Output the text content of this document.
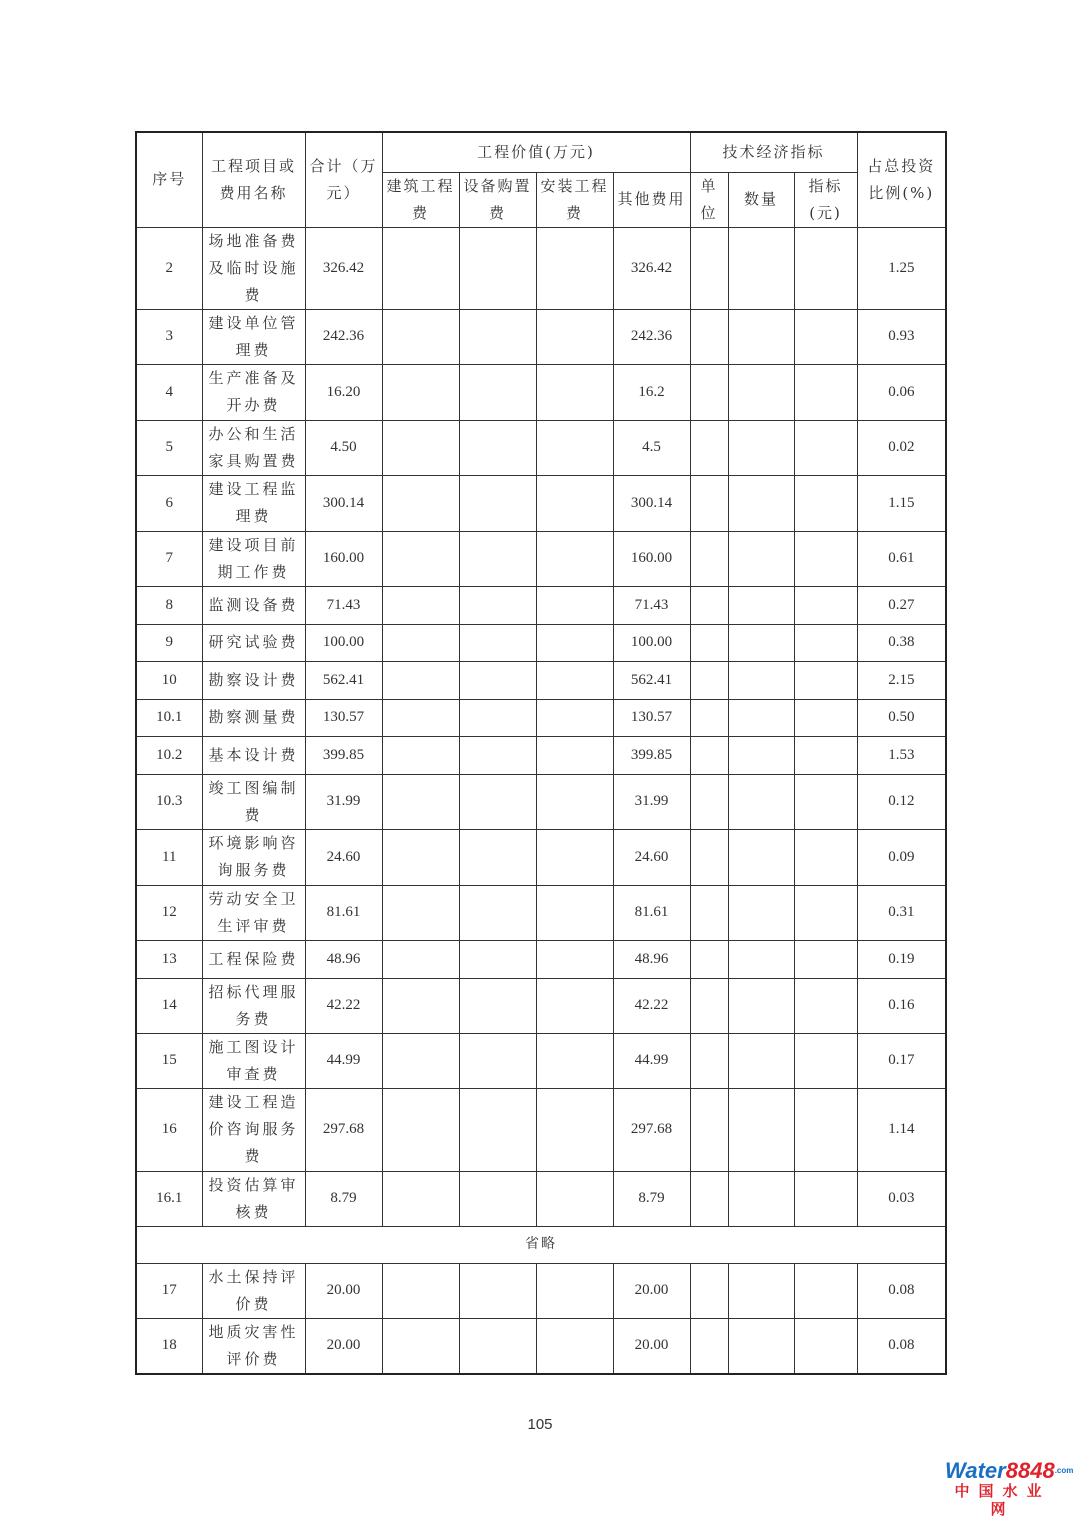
序号	工程项目或费用名称	合计（万元）	工程价值(万元)				技术经济指标			占总投资比例(%)
			建筑工程费	设备购置费	安装工程费	其他费用	单位	数量	指标(元)	
2	场地准备费及临时设施费	326.42				326.42				1.25
3	建设单位管理费	242.36				242.36				0.93
4	生产准备及开办费	16.20				16.2				0.06
5	办公和生活家具购置费	4.50				4.5				0.02
6	建设工程监理费	300.14				300.14				1.15
7	建设项目前期工作费	160.00				160.00				0.61
8	监测设备费	71.43				71.43				0.27
9	研究试验费	100.00				100.00				0.38
10	勘察设计费	562.41				562.41				2.15
10.1	勘察测量费	130.57				130.57				0.50
10.2	基本设计费	399.85				399.85				1.53
10.3	竣工图编制费	31.99				31.99				0.12
11	环境影响咨询服务费	24.60				24.60				0.09
12	劳动安全卫生评审费	81.61				81.61				0.31
13	工程保险费	48.96				48.96				0.19
14	招标代理服务费	42.22				42.22				0.16
15	施工图设计审查费	44.99				44.99				0.17
16	建设工程造价咨询服务费	297.68				297.68				1.14
16.1	投资估算审核费	8.79				8.79				0.03
省略										
17	水土保持评价费	20.00				20.00				0.08
18	地质灾害性评价费	20.00				20.00				0.08
105
$Water8848^{.com}$
中国水业网
